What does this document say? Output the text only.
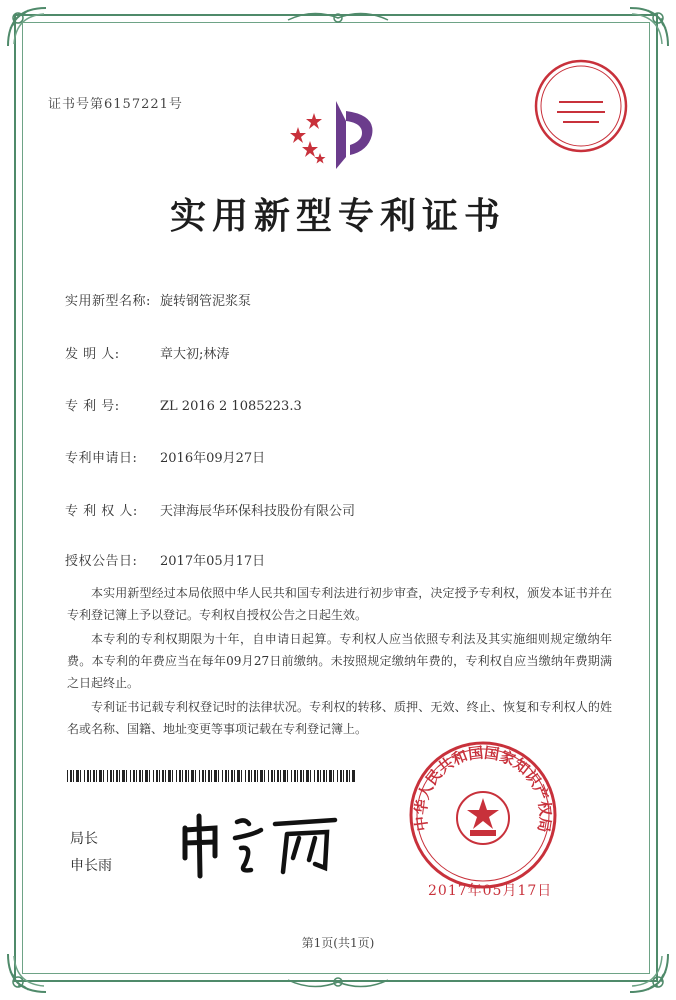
证书号第6157221号
实用新型专利证书
实用新型名称: 旋转钢管泥浆泵
发 明 人:	章大初;林涛
专 利 号:	ZL 2016 2 1085223.3
专利申请日: 2016年09月27日
专 利 权 人: 天津海辰华环保科技股份有限公司
授权公告日: 2017年05月17日
本实用新型经过本局依照中华人民共和国专利法进行初步审查，决定授予专利权，颁发本证书并在专利登记簿上予以登记。专利权自授权公告之日起生效。
本专利的专利权期限为十年，自申请日起算。专利权人应当依照专利法及其实施细则规定缴纳年费。本专利的年费应当在每年09月27日前缴纳。未按照规定缴纳年费的，专利权自应当缴纳年费期满之日起终止。
专利证书记载专利权登记时的法律状况。专利权的转移、质押、无效、终止、恢复和专利权人的姓名或名称、国籍、地址变更等事项记载在专利登记簿上。
局长
申长雨
中华人民共和国国家知识产权局
2017年05月17日
第1页(共1页)
